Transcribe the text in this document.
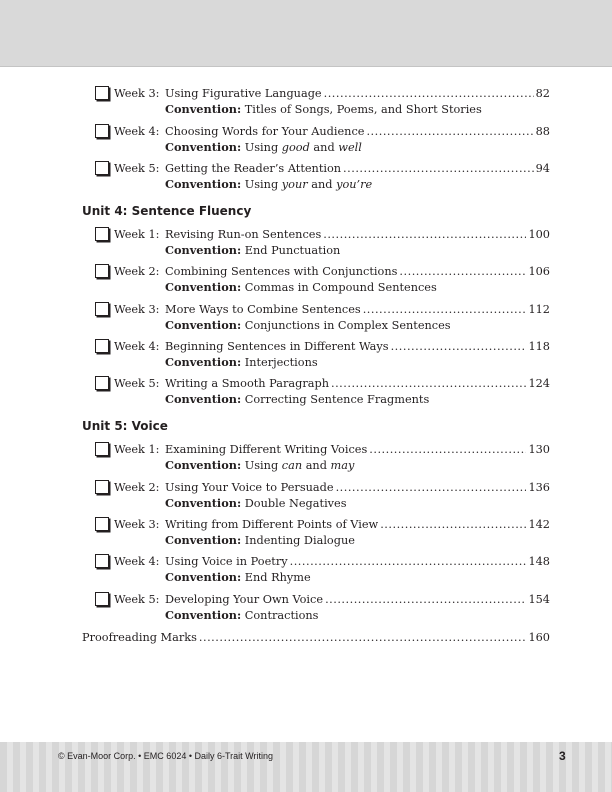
Week 3: Using Figurative Language .....	82
Convention: Titles of Songs, Poems, and Short Stories
Week 4: Choosing Words for Your Audience .....	88
Convention: Using good and well
Week 5: Getting the Reader’s Attention .....	94
Convention: Using your and you’re
Unit 4: Sentence Fluency
Week 1: Revising Run-on Sentences .....	100
Convention: End Punctuation
Week 2: Combining Sentences with Conjunctions .....	106
Convention: Commas in Compound Sentences
Week 3: More Ways to Combine Sentences .....	112
Convention: Conjunctions in Complex Sentences
Week 4: Beginning Sentences in Different Ways .....	118
Convention: Interjections
Week 5: Writing a Smooth Paragraph .....	124
Convention: Correcting Sentence Fragments
Unit 5: Voice
Week 1: Examining Different Writing Voices .....	130
Convention: Using can and may
Week 2: Using Your Voice to Persuade .....	136
Convention: Double Negatives
Week 3: Writing from Different Points of View .....	142
Convention: Indenting Dialogue
Week 4: Using Voice in Poetry .....	148
Convention: End Rhyme
Week 5: Developing Your Own Voice .....	154
Convention: Contractions
Proofreading Marks .....	160
© Evan-Moor Corp. • EMC 6024 • Daily 6-Trait Writing	3
